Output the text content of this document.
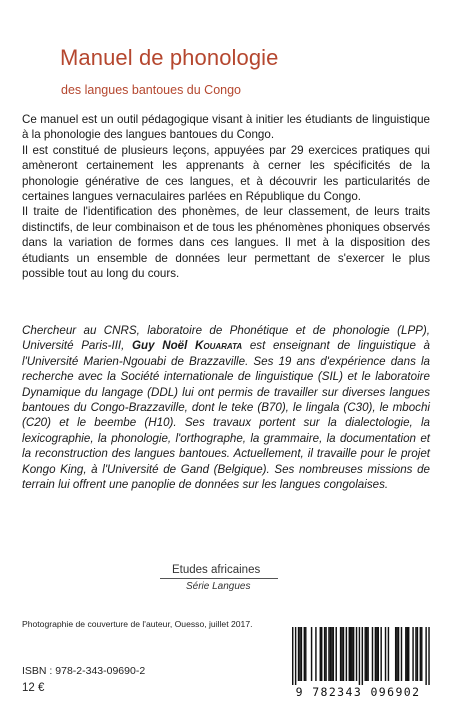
Manuel de phonologie
des langues bantoues du Congo

Ce manuel est un outil pédagogique visant à initier les étudiants de linguistique à la phonologie des langues bantoues du Congo.

Il est constitué de plusieurs leçons, appuyées par 29 exercices pratiques qui amèneront certainement les apprenants à cerner les spécificités de la phonologie générative de ces langues, et à découvrir les particularités de certaines langues vernaculaires parlées en République du Congo.

Il traite de l'identification des phonèmes, de leur classement, de leurs traits distinctifs, de leur combinaison et de tous les phénomènes phoniques observés dans la variation de formes dans ces langues. Il met à la disposition des étudiants un ensemble de données leur permettant de s'exercer le plus possible tout au long du cours.

Chercheur au CNRS, laboratoire de Phonétique et de phonologie (LPP), Université Paris-III, Guy Noël Kouarata est enseignant de linguistique à l'Université Marien-Ngouabi de Brazzaville. Ses 19 ans d'expérience dans la recherche avec la Société internationale de linguistique (SIL) et le laboratoire Dynamique du langage (DDL) lui ont permis de travailler sur diverses langues bantoues du Congo-Brazzaville, dont le teke (B70), le lingala (C30), le mbochi (C20) et le beembe (H10). Ses travaux portent sur la dialectologie, la lexicographie, la phonologie, l'orthographe, la grammaire, la documentation et la reconstruction des langues bantoues. Actuellement, il travaille pour le projet Kongo King, à l'Université de Gand (Belgique). Ses nombreuses missions de terrain lui offrent une panoplie de données sur les langues congolaises.
Etudes africaines
Série Langues
Photographie de couverture de l'auteur, Ouesso, juillet 2017.
ISBN : 978-2-343-09690-2
12 €	9 782343 096902
